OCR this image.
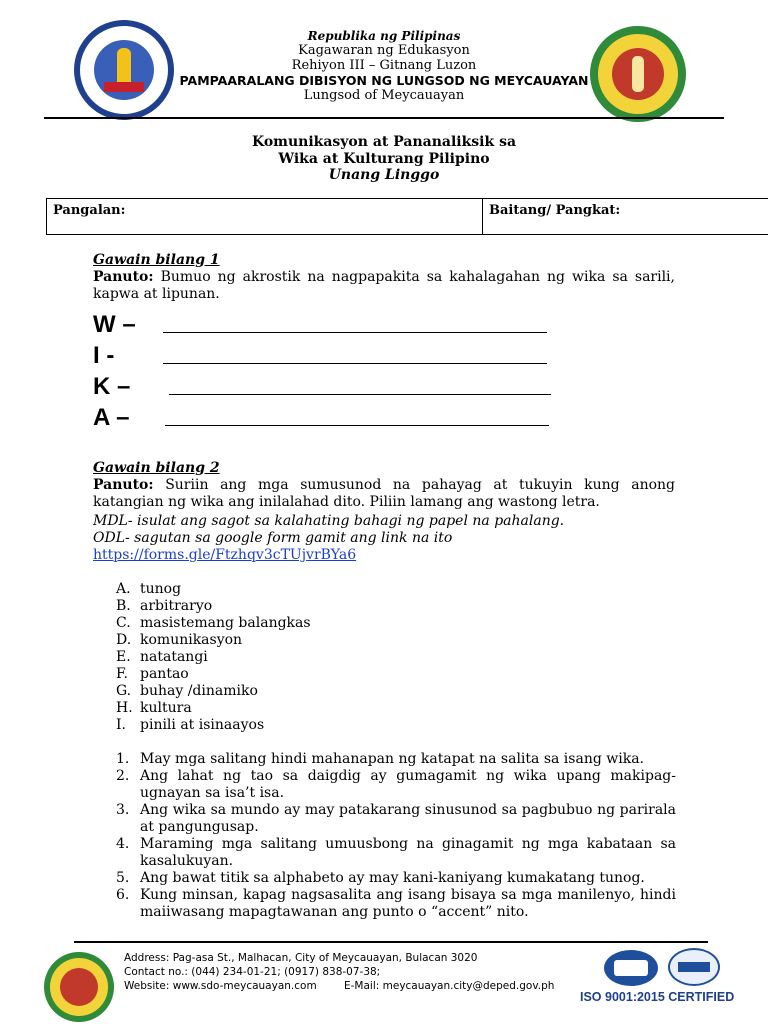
Republika ng Pilipinas
Kagawaran ng Edukasyon
Rehiyon III – Gitnang Luzon
PAMPAARALANG DIBISYON NG LUNGSOD NG MEYCAUAYAN
Lungsod of Meycauayan
Komunikasyon at Pananaliksik sa
Wika at Kulturang Pilipino
Unang Linggo
Pangalan:	Baitang/ Pangkat:
Gawain bilang 1
Panuto: Bumuo ng akrostik na nagpapakita sa kahalagahan ng wika sa sarili, kapwa at lipunan.
W –
I -
K –
A –
Gawain bilang 2
Panuto: Suriin ang mga sumusunod na pahayag at tukuyin kung anong katangian ng wika ang inilalahad dito. Piliin lamang ang wastong letra.
MDL- isulat ang sagot sa kalahating bahagi ng papel na pahalang.
ODL- sagutan sa google form gamit ang link na ito
https://forms.gle/Ftzhqv3cTUjvrBYa6
A. tunog
B. arbitraryo
C. masistemang balangkas
D. komunikasyon
E. natatangi
F. pantao
G. buhay /dinamiko
H. kultura
I.	pinili at isinaayos
1. May mga salitang hindi mahanapan ng katapat na salita sa isang wika.
2. Ang lahat ng tao sa daigdig ay gumagamit ng wika upang makipag-ugnayan sa isa’t isa.
3. Ang wika sa mundo ay may patakarang sinusunod sa pagbubuo ng parirala at pangungusap.
4. Maraming mga salitang umuusbong na ginagamit ng mga kabataan sa kasalukuyan.
5. Ang bawat titik sa alphabeto ay may kani-kaniyang kumakatang tunog.
6. Kung minsan, kapag nagsasalita ang isang bisaya sa mga manilenyo, hindi maiiwasang mapagtawanan ang punto o “accent” nito.
Address: Pag-asa St., Malhacan, City of Meycauayan, Bulacan 3020
Contact no.: (044) 234-01-21; (0917) 838-07-38;
Website: www.sdo-meycauayan.com	E-Mail: meycauayan.city@deped.gov.ph
ISO 9001:2015 CERTIFIED
